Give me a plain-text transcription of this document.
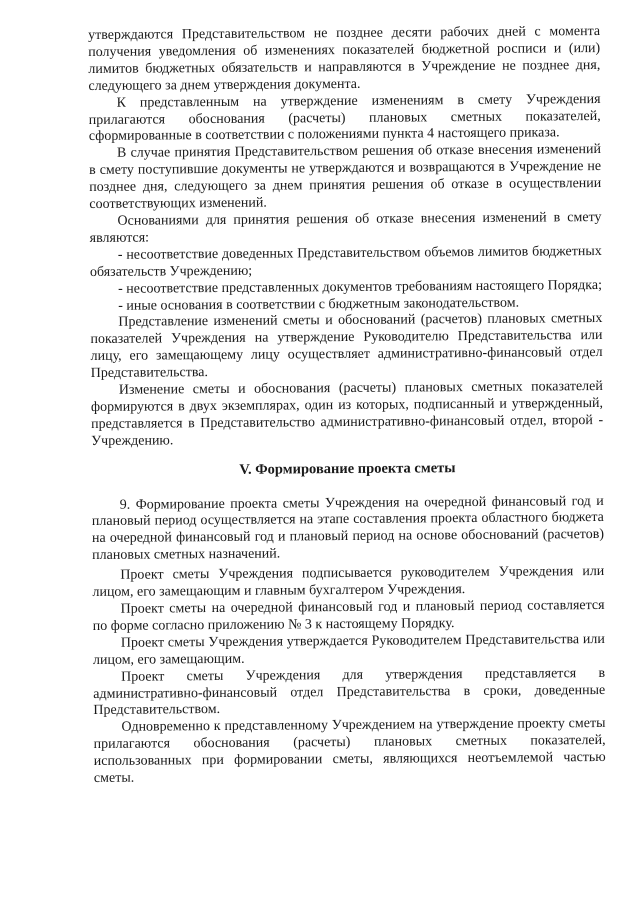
утверждаются Представительством не позднее десяти рабочих дней с момента получения уведомления об изменениях показателей бюджетной росписи и (или) лимитов бюджетных обязательств и направляются в Учреждение не позднее дня, следующего за днем утверждения документа.

К представленным на утверждение изменениям в смету Учреждения прилагаются обоснования (расчеты) плановых сметных показателей, сформированные в соответствии с положениями пункта 4 настоящего приказа.

В случае принятия Представительством решения об отказе внесения изменений в смету поступившие документы не утверждаются и возвращаются в Учреждение не позднее дня, следующего за днем принятия решения об отказе в осуществлении соответствующих изменений.

Основаниями для принятия решения об отказе внесения изменений в смету являются:

- несоответствие доведенных Представительством объемов лимитов бюджетных обязательств Учреждению;

- несоответствие представленных документов требованиям настоящего Порядка;

- иные основания в соответствии с бюджетным законодательством.

Представление изменений сметы и обоснований (расчетов) плановых сметных показателей Учреждения на утверждение Руководителю Представительства или лицу, его замещающему лицу осуществляет административно-финансовый отдел Представительства.

Изменение сметы и обоснования (расчеты) плановых сметных показателей формируются в двух экземплярах, один из которых, подписанный и утвержденный, представляется в Представительство административно-финансовый отдел, второй - Учреждению.

V. Формирование проекта сметы

9. Формирование проекта сметы Учреждения на очередной финансовый год и плановый период осуществляется на этапе составления проекта областного бюджета на очередной финансовый год и плановый период на основе обоснований (расчетов) плановых сметных назначений.

Проект сметы Учреждения подписывается руководителем Учреждения или лицом, его замещающим и главным бухгалтером Учреждения.

Проект сметы на очередной финансовый год и плановый период составляется по форме согласно приложению № 3 к настоящему Порядку.

Проект сметы Учреждения утверждается Руководителем Представительства или лицом, его замещающим.

Проект сметы Учреждения для утверждения представляется в административно-финансовый отдел Представительства в сроки, доведенные Представительством.

Одновременно к представленному Учреждением на утверждение проекту сметы прилагаются обоснования (расчеты) плановых сметных показателей, использованных при формировании сметы, являющихся неотъемлемой частью сметы.
